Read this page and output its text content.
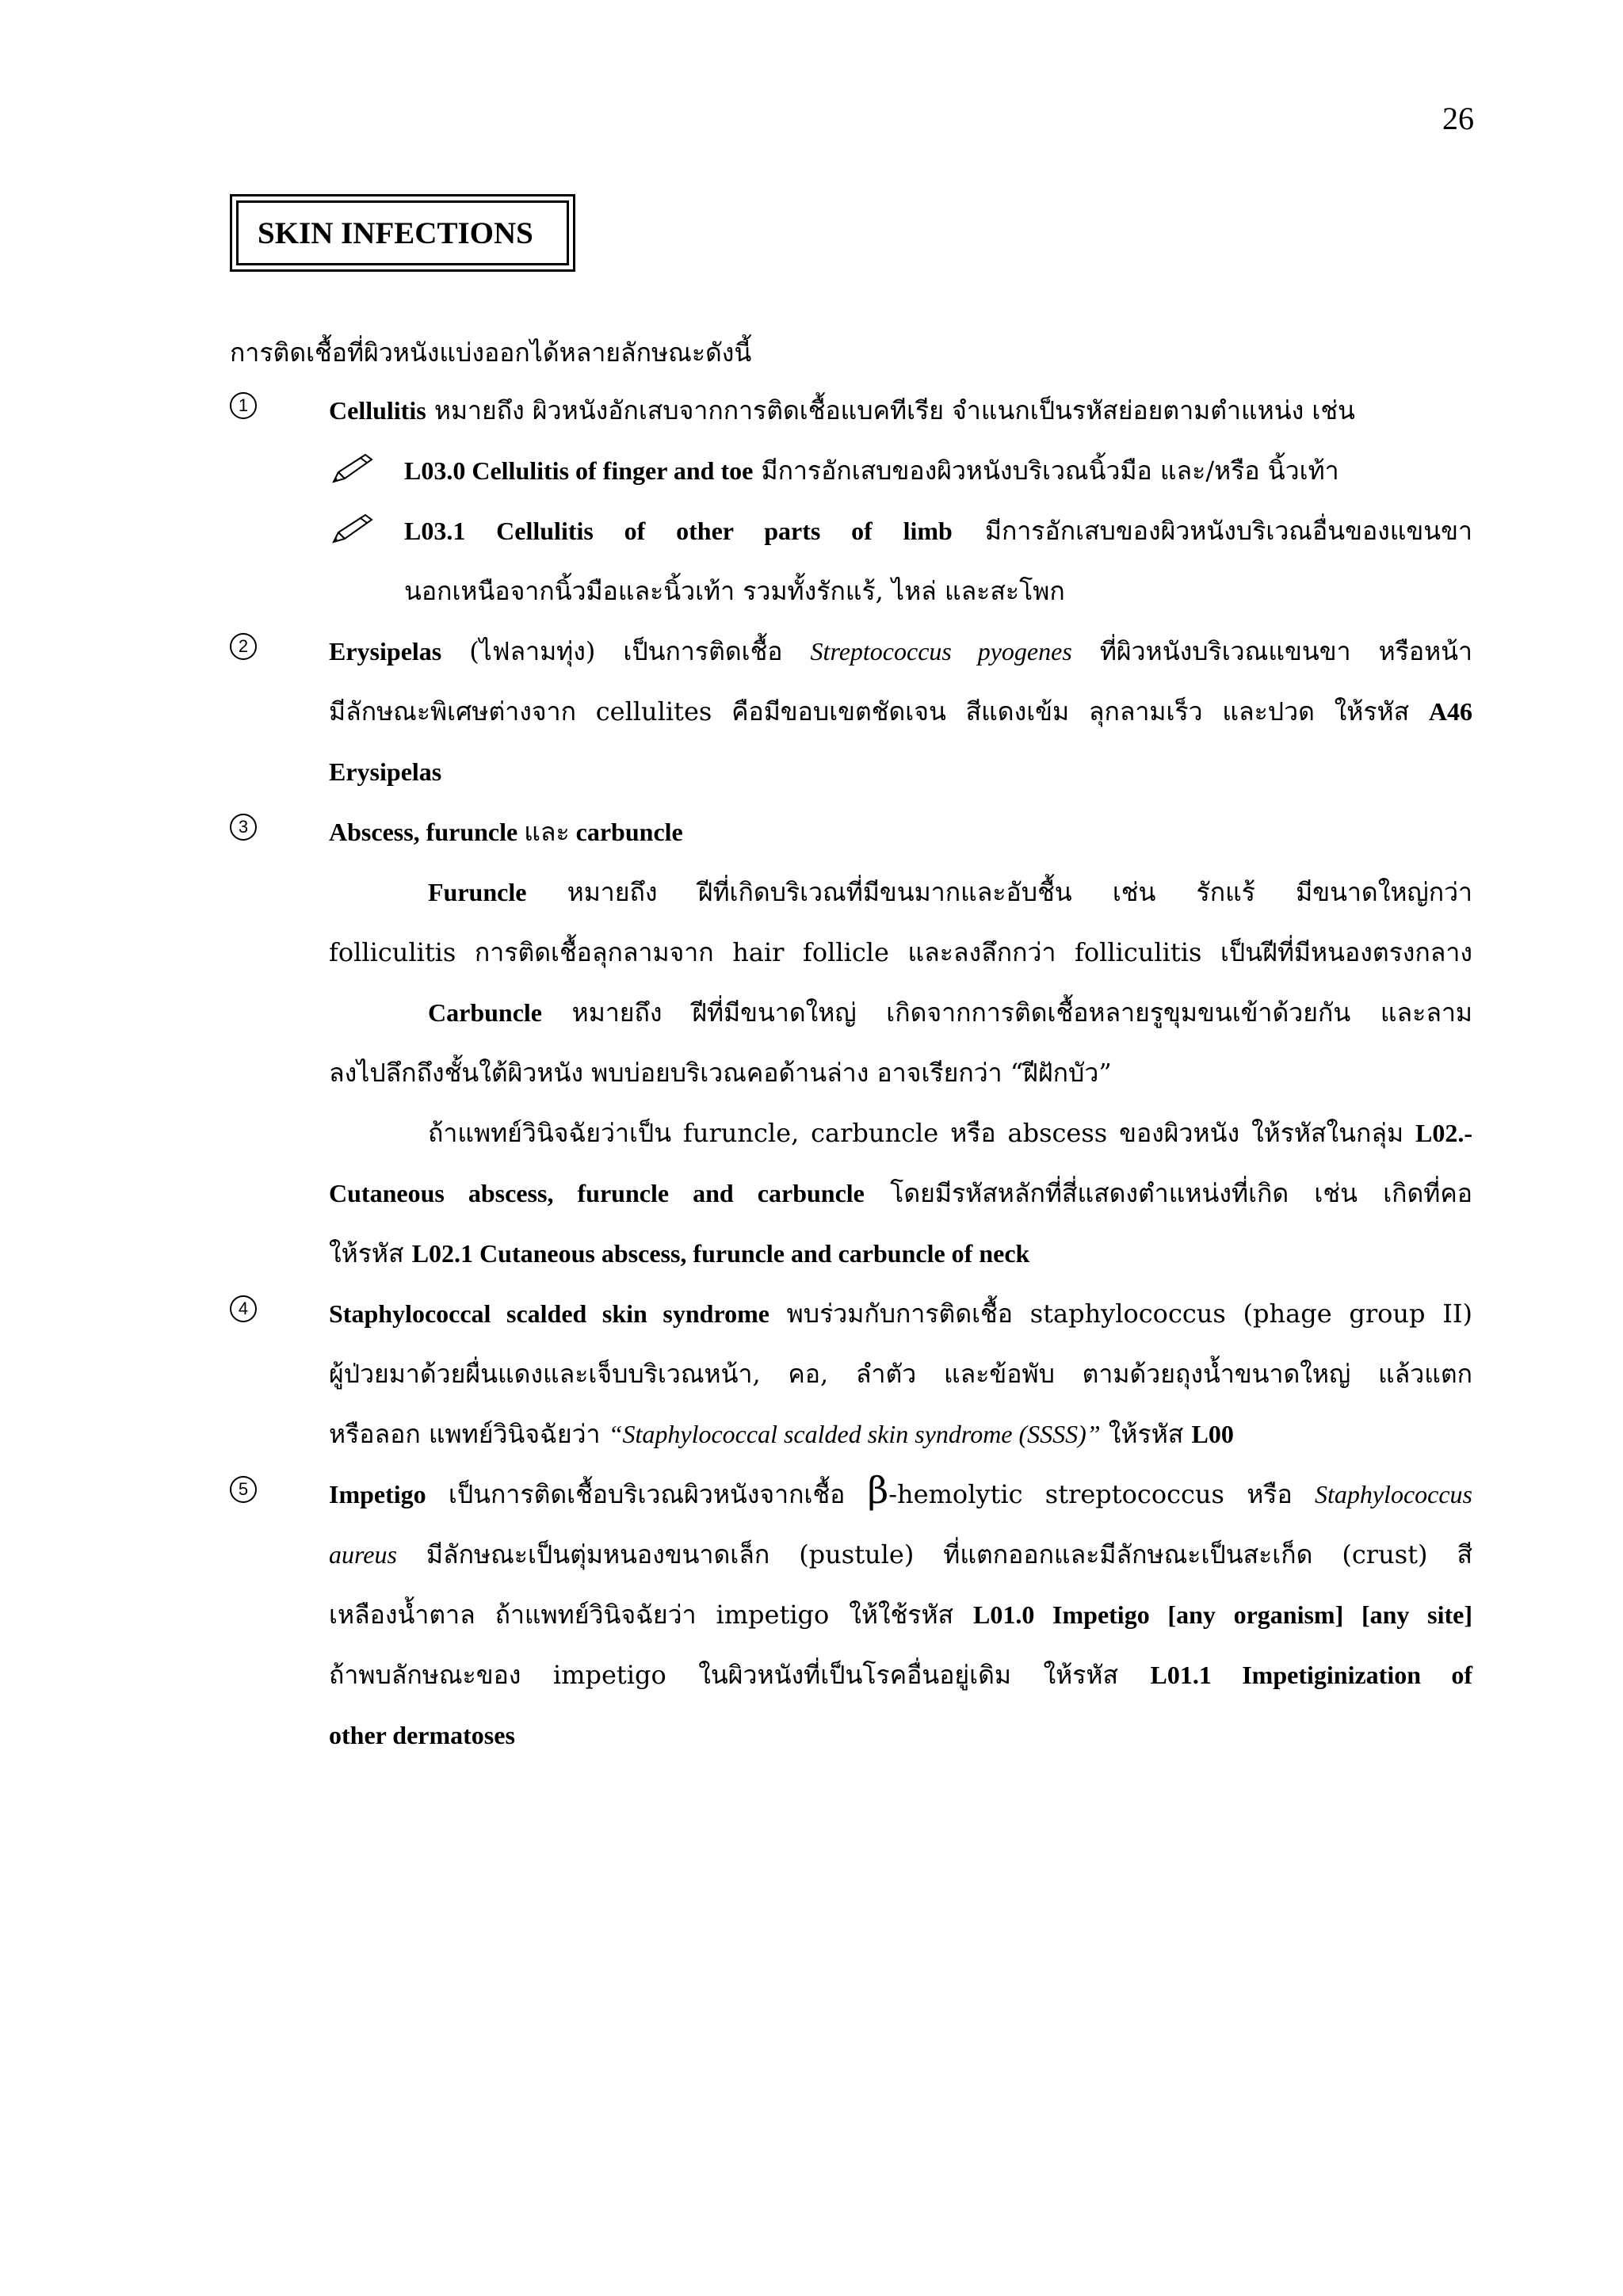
26
SKIN INFECTIONS
การติดเชื้อที่ผิวหนังแบ่งออกได้หลายลักษณะดังนี้
1	Cellulitis หมายถึง ผิวหนังอักเสบจากการติดเชื้อแบคทีเรีย จำแนกเป็นรหัสย่อยตามตำแหน่ง เช่น
L03.0 Cellulitis of finger and toe มีการอักเสบของผิวหนังบริเวณนิ้วมือ และ/หรือ นิ้วเท้า
L03.1 Cellulitis of other parts of limb มีการอักเสบของผิวหนังบริเวณอื่นของแขนขา
นอกเหนือจากนิ้วมือและนิ้วเท้า รวมทั้งรักแร้, ไหล่ และสะโพก
2	Erysipelas (ไฟลามทุ่ง) เป็นการติดเชื้อ Streptococcus pyogenes ที่ผิวหนังบริเวณแขนขา หรือหน้า
มีลักษณะพิเศษต่างจาก cellulites คือมีขอบเขตชัดเจน สีแดงเข้ม ลุกลามเร็ว และปวด ให้รหัส A46
Erysipelas
3	Abscess, furuncle และ carbuncle
Furuncle หมายถึง ฝีที่เกิดบริเวณที่มีขนมากและอับชื้น เช่น รักแร้ มีขนาดใหญ่กว่า
folliculitis การติดเชื้อลุกลามจาก hair follicle และลงลึกกว่า folliculitis เป็นฝีที่มีหนองตรงกลาง
Carbuncle หมายถึง ฝีที่มีขนาดใหญ่ เกิดจากการติดเชื้อหลายรูขุมขนเข้าด้วยกัน และลาม
ลงไปลึกถึงชั้นใต้ผิวหนัง พบบ่อยบริเวณคอด้านล่าง อาจเรียกว่า “ฝีฝักบัว”
ถ้าแพทย์วินิจฉัยว่าเป็น furuncle, carbuncle หรือ abscess ของผิวหนัง ให้รหัสในกลุ่ม L02.-
Cutaneous abscess, furuncle and carbuncle โดยมีรหัสหลักที่สี่แสดงตำแหน่งที่เกิด เช่น เกิดที่คอ
ให้รหัส L02.1 Cutaneous abscess, furuncle and carbuncle of neck
4	Staphylococcal scalded skin syndrome พบร่วมกับการติดเชื้อ staphylococcus (phage group II)
ผู้ป่วยมาด้วยผื่นแดงและเจ็บบริเวณหน้า, คอ, ลำตัว และข้อพับ ตามด้วยถุงน้ำขนาดใหญ่ แล้วแตก
หรือลอก แพทย์วินิจฉัยว่า “Staphylococcal scalded skin syndrome (SSSS)” ให้รหัส L00
5	Impetigo เป็นการติดเชื้อบริเวณผิวหนังจากเชื้อ β-hemolytic streptococcus หรือ Staphylococcus
aureus มีลักษณะเป็นตุ่มหนองขนาดเล็ก (pustule) ที่แตกออกและมีลักษณะเป็นสะเก็ด (crust) สี
เหลืองน้ำตาล ถ้าแพทย์วินิจฉัยว่า impetigo ให้ใช้รหัส L01.0 Impetigo [any organism] [any site]
ถ้าพบลักษณะของ impetigo ในผิวหนังที่เป็นโรคอื่นอยู่เดิม ให้รหัส L01.1 Impetiginization of
other dermatoses
